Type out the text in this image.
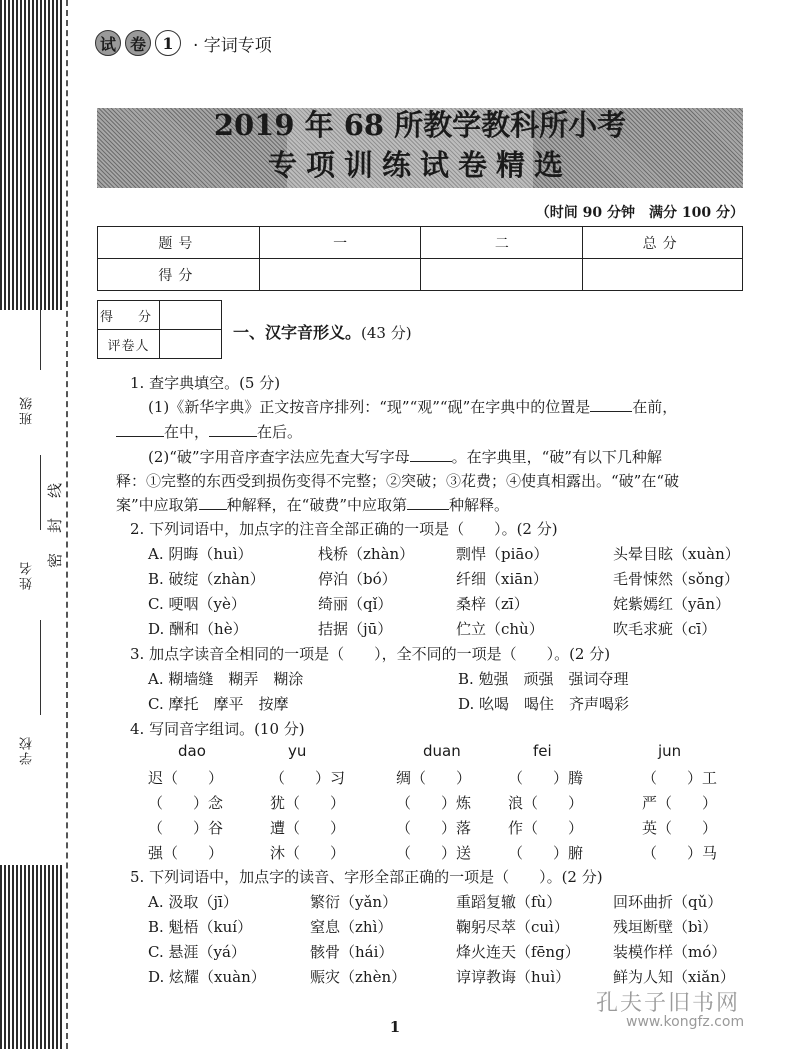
班级
姓名
学校
线
封
密
试 卷	1	· 字词专项
2019 年 68 所教学教科所小考
专项训练试卷精选
（时间 90 分钟　满分 100 分）
题号	一	二	总分
得分			
得　分	
评卷人	
一、汉字音形义。(43 分)
1. 查字典填空。(5 分)
(1)《新华字典》正文按音序排列：“现”“观”“砚”在字典中的位置是	在前，
在中，	在后。
(2)“破”字用音序查字法应先查大写字母	。在字典里，“破”有以下几种解
释：①完整的东西受到损伤变得不完整；②突破；③花费；④使真相露出。“破”在“破
案”中应取第 种解释，在“破费”中应取第	种解释。
2. 下列词语中，加点字的注音全部正确的一项是（　　）。(2 分)
A. 阴晦（huì）	栈桥（zhàn）	剽悍（piāo）	头晕目眩（xuàn）
B. 破绽（zhàn）	停泊（bó）	纤细（xiān）	毛骨悚然（sǒng）
C. 哽咽（yè）	绮丽（qǐ）	桑梓（zī）	姹紫嫣红（yān）
D. 酬和（hè）	拮据（jū）	伫立（chù）	吹毛求疵（cī）
3. 加点字读音全相同的一项是（　　），全不同的一项是（　　）。(2 分)
A. 糊墙缝　糊弄　糊涂	B. 勉强　顽强　强词夺理
C. 摩托　摩平　按摩	D. 吆喝　喝住　齐声喝彩
4. 写同音字组词。(10 分)
dao	yu	duan	fei	jun
迟（　　）	（　　）习	绸（　　） （　　）腾	（　　）工
（　　）念	犹（　　）	（　　）炼 浪（　　）	严（　　）
（　　）谷	遭（　　）	（　　）落 作（　　）	英（　　）
强（　　）	沐（　　）	（　　）送 （　　）腑	（　　）马
5. 下列词语中，加点字的读音、字形全部正确的一项是（　　）。(2 分)
A. 汲取（jī）	繁衍（yǎn）	重蹈复辙（fù）	回环曲折（qǔ）
B. 魁梧（kuí）	窒息（zhì）	鞠躬尽萃（cuì）	残垣断壁（bì）
C. 悬涯（yá）	骸骨（hái）	烽火连天（fēng） 装模作样（mó）
D. 炫耀（xuàn）	赈灾（zhèn）	谆谆教诲（huì）	鲜为人知（xiǎn）
1
孔夫子旧书网
www.kongfz.com
